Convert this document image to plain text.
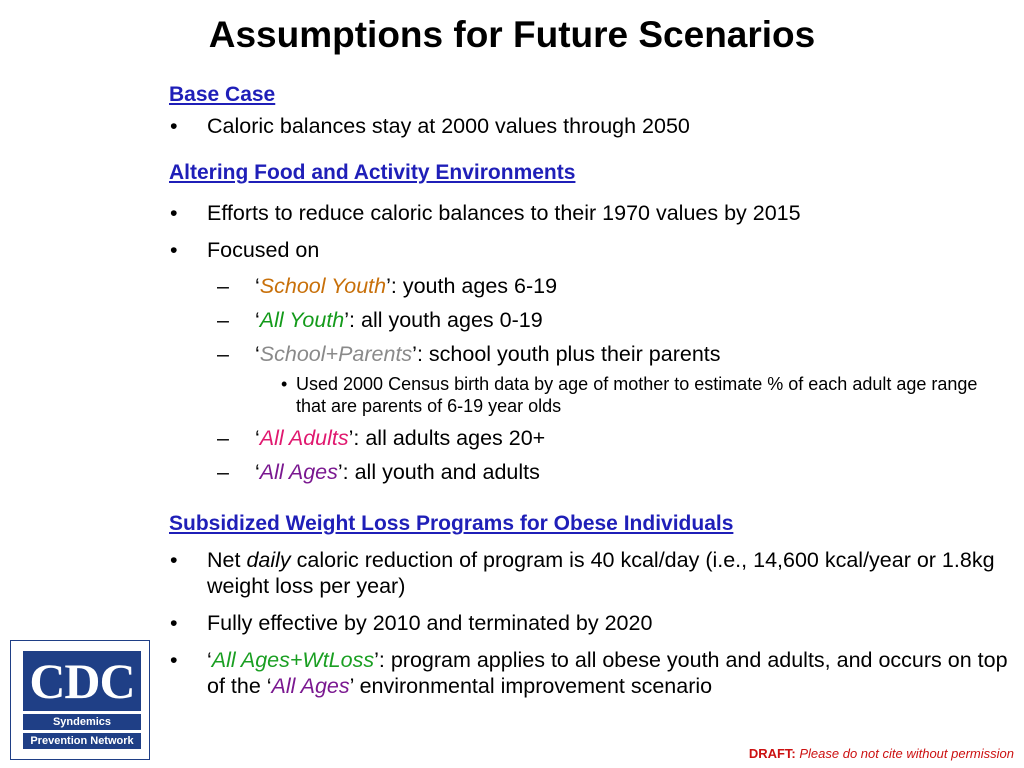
Assumptions for Future Scenarios
Base Case
• Caloric balances stay at 2000 values through 2050
Altering Food and Activity Environments
• Efforts to reduce caloric balances to their 1970 values by 2015
• Focused on
– ‘School Youth’: youth ages 6-19
– ‘All Youth’: all youth ages 0-19
– ‘School+Parents’: school youth plus their parents
• Used 2000 Census birth data by age of mother to estimate % of each adult age range that are parents of 6-19 year olds
– ‘All Adults’: all adults ages 20+
– ‘All Ages’: all youth and adults
Subsidized Weight Loss Programs for Obese Individuals
• Net daily caloric reduction of program is 40 kcal/day (i.e., 14,600 kcal/year or 1.8kg weight loss per year)
• Fully effective by 2010 and terminated by 2020
• ‘All Ages+WtLoss’: program applies to all obese youth and adults, and occurs on top of the ‘All Ages’ environmental improvement scenario
CDC
Syndemics
Prevention Network
DRAFT: Please do not cite without permission
